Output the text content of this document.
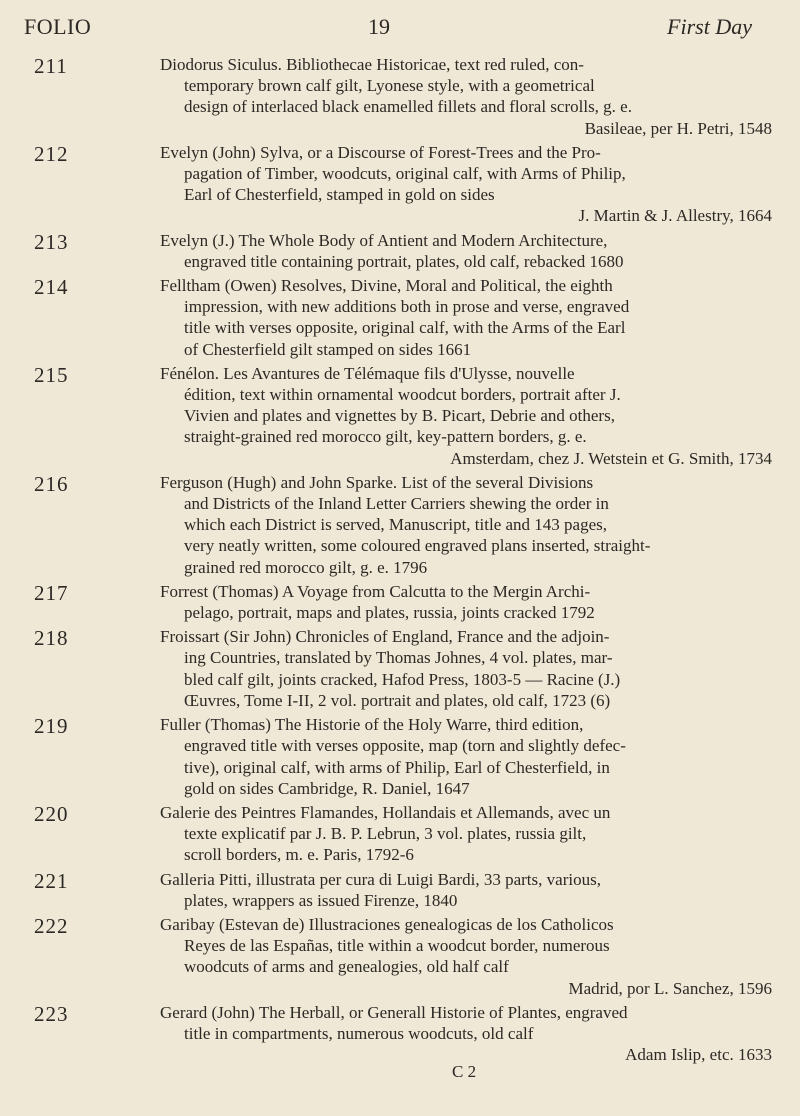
FOLIO	19	First Day
211	Diodorus Siculus. Bibliothecae Historicae, text red ruled, con-
temporary brown calf gilt, Lyonese style, with a geometrical
design of interlaced black enamelled fillets and floral scrolls, g. e.
Basileae, per H. Petri, 1548
212	Evelyn (John) Sylva, or a Discourse of Forest-Trees and the Pro-
pagation of Timber, woodcuts, original calf, with Arms of Philip,
Earl of Chesterfield, stamped in gold on sides
J. Martin & J. Allestry, 1664
213	Evelyn (J.) The Whole Body of Antient and Modern Architecture,
engraved title containing portrait, plates, old calf, rebacked 1680
214	Felltham (Owen) Resolves, Divine, Moral and Political, the eighth
impression, with new additions both in prose and verse, engraved
title with verses opposite, original calf, with the Arms of the Earl
of Chesterfield gilt stamped on sides 1661
215	Fénélon. Les Avantures de Télémaque fils d'Ulysse, nouvelle
édition, text within ornamental woodcut borders, portrait after J.
Vivien and plates and vignettes by B. Picart, Debrie and others,
straight-grained red morocco gilt, key-pattern borders, g. e.
Amsterdam, chez J. Wetstein et G. Smith, 1734
216	Ferguson (Hugh) and John Sparke. List of the several Divisions
and Districts of the Inland Letter Carriers shewing the order in
which each District is served, Manuscript, title and 143 pages,
very neatly written, some coloured engraved plans inserted, straight-
grained red morocco gilt, g. e. 1796
217	Forrest (Thomas) A Voyage from Calcutta to the Mergin Archi-
pelago, portrait, maps and plates, russia, joints cracked 1792
218	Froissart (Sir John) Chronicles of England, France and the adjoin-
ing Countries, translated by Thomas Johnes, 4 vol. plates, mar-
bled calf gilt, joints cracked, Hafod Press, 1803-5 — Racine (J.)
Œuvres, Tome I-II, 2 vol. portrait and plates, old calf, 1723 (6)
219	Fuller (Thomas) The Historie of the Holy Warre, third edition,
engraved title with verses opposite, map (torn and slightly defec-
tive), original calf, with arms of Philip, Earl of Chesterfield, in
gold on sides Cambridge, R. Daniel, 1647
220	Galerie des Peintres Flamandes, Hollandais et Allemands, avec un
texte explicatif par J. B. P. Lebrun, 3 vol. plates, russia gilt,
scroll borders, m. e. Paris, 1792-6
221	Galleria Pitti, illustrata per cura di Luigi Bardi, 33 parts, various,
plates, wrappers as issued Firenze, 1840
222	Garibay (Estevan de) Illustraciones genealogicas de los Catholicos
Reyes de las Españas, title within a woodcut border, numerous
woodcuts of arms and genealogies, old half calf
Madrid, por L. Sanchez, 1596
223	Gerard (John) The Herball, or Generall Historie of Plantes, engraved
title in compartments, numerous woodcuts, old calf
Adam Islip, etc. 1633
C 2
